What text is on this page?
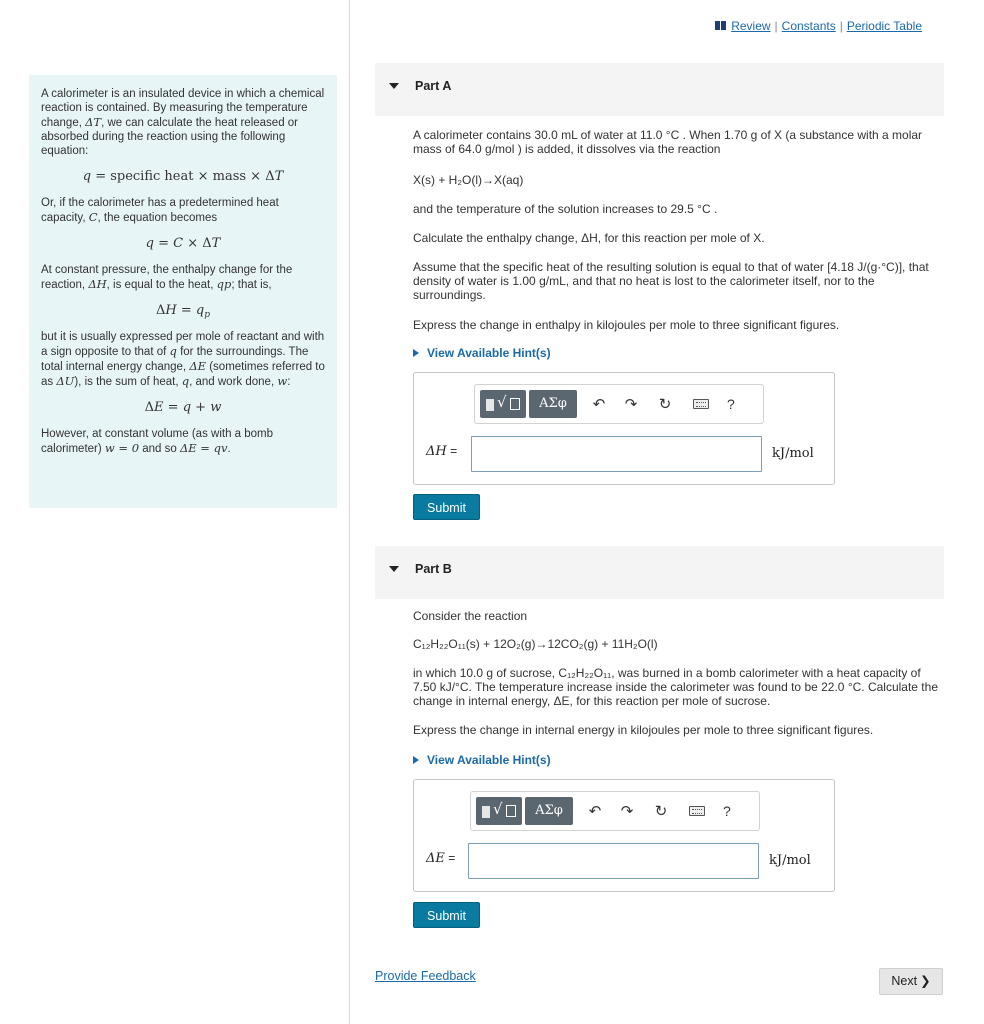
Review | Constants | Periodic Table

A calorimeter is an insulated device in which a chemical reaction is contained. By measuring the temperature change, ΔT, we can calculate the heat released or absorbed during the reaction using the following equation:

q = specific heat × mass × ΔT

Or, if the calorimeter has a predetermined heat capacity, C, the equation becomes

q = C × ΔT

At constant pressure, the enthalpy change for the reaction, ΔH, is equal to the heat, qp; that is,

$\Delta H = q_p$

but it is usually expressed per mole of reactant and with a sign opposite to that of q for the surroundings. The total internal energy change, ΔE (sometimes referred to as ΔU), is the sum of heat, q, and work done, w:

ΔE = q + w

However, at constant volume (as with a bomb calorimeter) w = 0 and so ΔE = qv.

Part A
A calorimeter contains 30.0 mL of water at 11.0 °C . When 1.70 g of X (a substance with a molar mass of 64.0 g/mol ) is added, it dissolves via the reaction
X(s) + H₂O(l)→X(aq)
and the temperature of the solution increases to 29.5 °C .
Calculate the enthalpy change, ΔH, for this reaction per mole of X.
Assume that the specific heat of the resulting solution is equal to that of water [4.18 J/(g·°C)], that density of water is 1.00 g/mL, and that no heat is lost to the calorimeter itself, nor to the surroundings.
Express the change in enthalpy in kilojoules per mole to three significant figures.
View Available Hint(s)
√	ΑΣφ	↶	↷	↻	?
ΔH =	kJ/mol
Submit
Part B
Consider the reaction
C₁₂H₂₂O₁₁(s) + 12O₂(g)→12CO₂(g) + 11H₂O(l)
in which 10.0 g of sucrose, C₁₂H₂₂O₁₁, was burned in a bomb calorimeter with a heat capacity of 7.50 kJ/°C. The temperature increase inside the calorimeter was found to be 22.0 °C. Calculate the change in internal energy, ΔE, for this reaction per mole of sucrose.
Express the change in internal energy in kilojoules per mole to three significant figures.
View Available Hint(s)
√	ΑΣφ	↶	↷	↻	?
ΔE =	kJ/mol
Submit
Provide Feedback	Next ❯
